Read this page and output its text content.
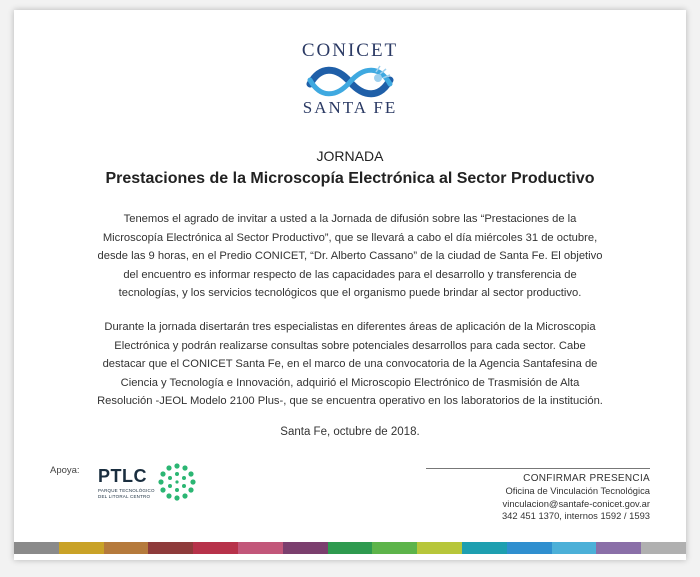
CONICET
SANTA FE
JORNADA
Prestaciones de la Microscopía Electrónica al Sector Productivo
Tenemos el agrado de invitar a usted a la Jornada de difusión sobre las “Prestaciones de la Microscopía Electrónica al Sector Productivo”, que se llevará a cabo el día miércoles 31 de octubre, desde las 9 horas, en el Predio CONICET, “Dr. Alberto Cassano” de la ciudad de Santa Fe. El objetivo del encuentro es informar respecto de las capacidades para el desarrollo y transferencia de tecnologías, y los servicios tecnológicos que el organismo puede brindar al sector productivo.
Durante la jornada disertarán tres especialistas en diferentes áreas de aplicación de la Microscopia Electrónica y podrán realizarse consultas sobre potenciales desarrollos para cada sector. Cabe destacar que el CONICET Santa Fe, en el marco de una convocatoria de la Agencia Santafesina de Ciencia y Tecnología e Innovación, adquirió el Microscopio Electrónico de Trasmisión de Alta Resolución -JEOL Modelo 2100 Plus-, que se encuentra operativo en los laboratorios de la institución.
Santa Fe, octubre de 2018.
Apoya: PTLC
PARQUE TECNOLÓGICO
DEL LITORAL CENTRO
CONFIRMAR PRESENCIA
Oficina de Vinculación Tecnológica
vinculacion@santafe-conicet.gov.ar
342 451 1370, internos 1592 / 1593
